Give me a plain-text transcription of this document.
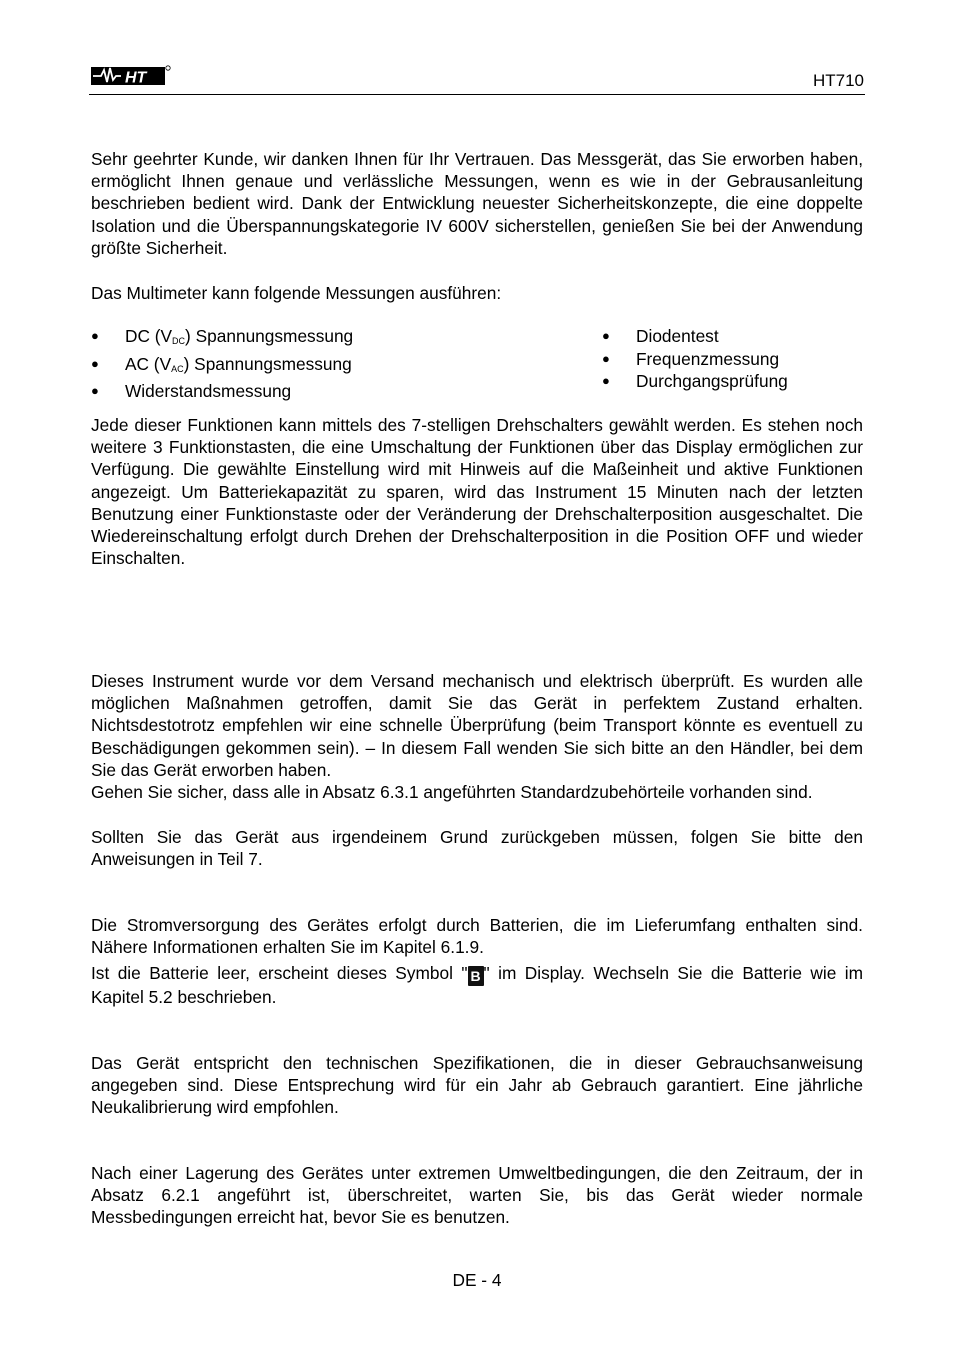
HT	HT710

Sehr geehrter Kunde, wir danken Ihnen für Ihr Vertrauen. Das Messgerät, das Sie erworben haben, ermöglicht Ihnen genaue und verlässliche Messungen, wenn es wie in der Gebrausanleitung beschrieben bedient wird. Dank der Entwicklung neuester Sicherheitskonzepte, die eine doppelte Isolation und die Überspannungskategorie IV 600V sicherstellen, genießen Sie bei der Anwendung größte Sicherheit.

Das Multimeter kann folgende Messungen ausführen:

● DC $(V_{DC})$ Spannungsmessung
● AC $(V_{AC})$ Spannungsmessung
● Widerstandsmessung
● Diodentest
● Frequenzmessung
● Durchgangsprüfung

Jede dieser Funktionen kann mittels des 7-stelligen Drehschalters gewählt werden. Es stehen noch weitere 3 Funktionstasten, die eine Umschaltung der Funktionen über das Display ermöglichen zur Verfügung. Die gewählte Einstellung wird mit Hinweis auf die Maßeinheit und aktive Funktionen angezeigt. Um Batteriekapazität zu sparen, wird das Instrument 15 Minuten nach der letzten Benutzung einer Funktionstaste oder der Veränderung der Drehschalterposition ausgeschaltet. Die Wiedereinschaltung erfolgt durch Drehen der Drehschalterposition in die Position OFF und wieder Einschalten.

Dieses Instrument wurde vor dem Versand mechanisch und elektrisch überprüft. Es wurden alle möglichen Maßnahmen getroffen, damit Sie das Gerät in perfektem Zustand erhalten. Nichtsdestotrotz empfehlen wir eine schnelle Überprüfung (beim Transport könnte es eventuell zu Beschädigungen gekommen sein). – In diesem Fall wenden Sie sich bitte an den Händler, bei dem Sie das Gerät erworben haben.

Gehen Sie sicher, dass alle in Absatz 6.3.1 angeführten Standardzubehörteile vorhanden sind.

Sollten Sie das Gerät aus irgendeinem Grund zurückgeben müssen, folgen Sie bitte den Anweisungen in Teil 7.

Die Stromversorgung des Gerätes erfolgt durch Batterien, die im Lieferumfang enthalten sind. Nähere Informationen erhalten Sie im Kapitel 6.1.9.

Ist die Batterie leer, erscheint dieses Symbol " B " im Display. Wechseln Sie die Batterie wie im Kapitel 5.2 beschrieben.

Das Gerät entspricht den technischen Spezifikationen, die in dieser Gebrauchsanweisung angegeben sind. Diese Entsprechung wird für ein Jahr ab Gebrauch garantiert. Eine jährliche Neukalibrierung wird empfohlen.

Nach einer Lagerung des Gerätes unter extremen Umweltbedingungen, die den Zeitraum, der in Absatz 6.2.1 angeführt ist, überschreitet, warten Sie, bis das Gerät wieder normale Messbedingungen erreicht hat, bevor Sie es benutzen.

DE - 4
